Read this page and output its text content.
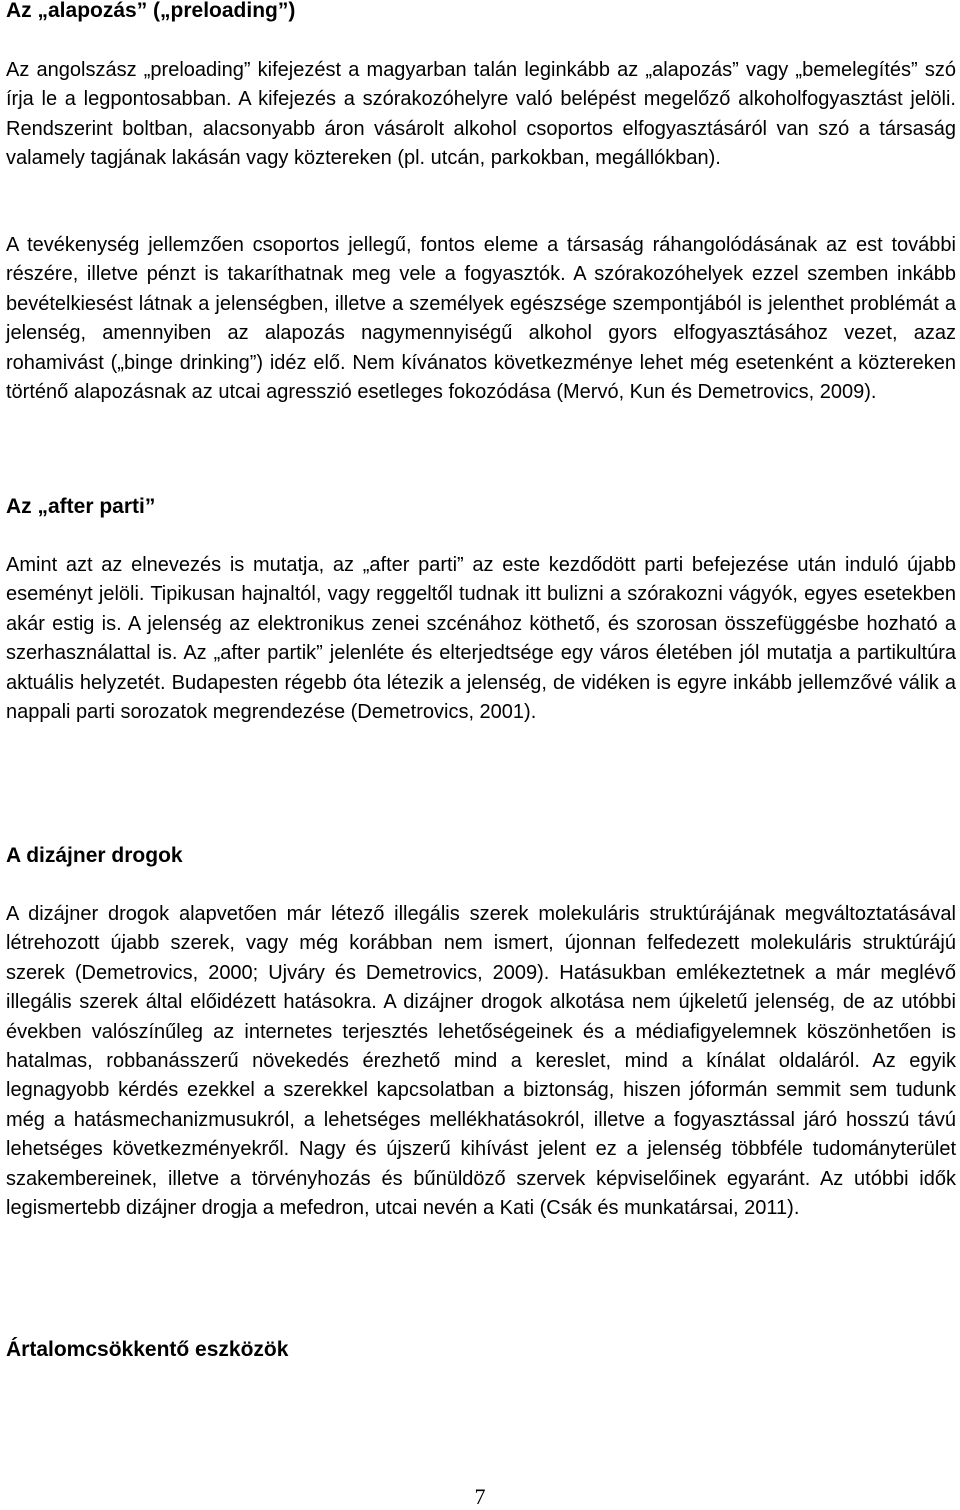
Az „alapozás” („preloading”)

Az angolszász „preloading” kifejezést a magyarban talán leginkább az „alapozás” vagy „bemelegítés” szó írja le a legpontosabban. A kifejezés a szórakozóhelyre való belépést megelőző alkoholfogyasztást jelöli. Rendszerint boltban, alacsonyabb áron vásárolt alkohol csoportos elfogyasztásáról van szó a társaság valamely tagjának lakásán vagy köztereken (pl. utcán, parkokban, megállókban).

A tevékenység jellemzően csoportos jellegű, fontos eleme a társaság ráhangolódásának az est további részére, illetve pénzt is takaríthatnak meg vele a fogyasztók. A szórakozóhelyek ezzel szemben inkább bevételkiesést látnak a jelenségben, illetve a személyek egészsége szempontjából is jelenthet problémát a jelenség, amennyiben az alapozás nagymennyiségű alkohol gyors elfogyasztásához vezet, azaz rohamivást („binge drinking”) idéz elő. Nem kívánatos következménye lehet még esetenként a köztereken történő alapozásnak az utcai agresszió esetleges fokozódása (Mervó, Kun és Demetrovics, 2009).

Az „after parti”

Amint azt az elnevezés is mutatja, az „after parti” az este kezdődött parti befejezése után induló újabb eseményt jelöli. Tipikusan hajnaltól, vagy reggeltől tudnak itt bulizni a szórakozni vágyók, egyes esetekben akár estig is. A jelenség az elektronikus zenei szcénához köthető, és szorosan összefüggésbe hozható a szerhasználattal is. Az „after partik” jelenléte és elterjedtsége egy város életében jól mutatja a partikultúra aktuális helyzetét. Budapesten régebb óta létezik a jelenség, de vidéken is egyre inkább jellemzővé válik a nappali parti sorozatok megrendezése (Demetrovics, 2001).

A dizájner drogok

A dizájner drogok alapvetően már létező illegális szerek molekuláris struktúrájának megváltoztatásával létrehozott újabb szerek, vagy még korábban nem ismert, újonnan felfedezett molekuláris struktúrájú szerek (Demetrovics, 2000; Ujváry és Demetrovics, 2009). Hatásukban emlékeztetnek a már meglévő illegális szerek által előidézett hatásokra. A dizájner drogok alkotása nem újkeletű jelenség, de az utóbbi években valószínűleg az internetes terjesztés lehetőségeinek és a médiafigyelemnek köszönhetően is hatalmas, robbanásszerű növekedés érezhető mind a kereslet, mind a kínálat oldaláról. Az egyik legnagyobb kérdés ezekkel a szerekkel kapcsolatban a biztonság, hiszen jóformán semmit sem tudunk még a hatásmechanizmusukról, a lehetséges mellékhatásokról, illetve a fogyasztással járó hosszú távú lehetséges következményekről. Nagy és újszerű kihívást jelent ez a jelenség többféle tudományterület szakembereinek, illetve a törvényhozás és bűnüldöző szervek képviselőinek egyaránt. Az utóbbi idők legismertebb dizájner drogja a mefedron, utcai nevén a Kati (Csák és munkatársai, 2011).

Ártalomcsökkentő eszközök
7
